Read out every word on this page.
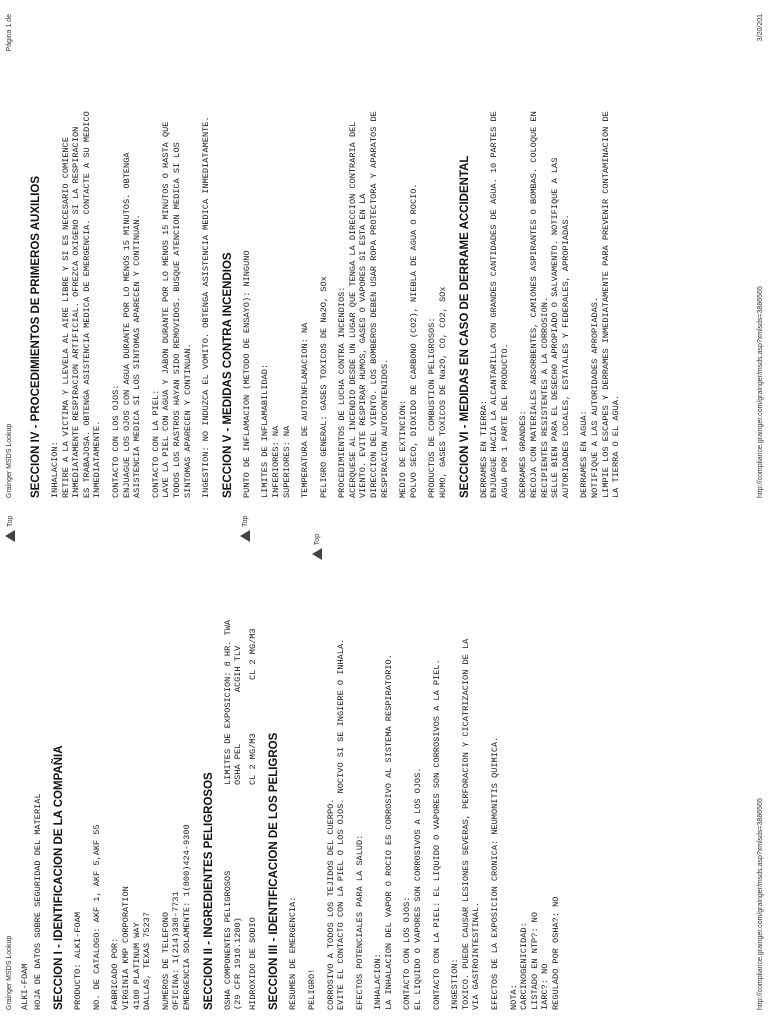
Grainger MSDS Lookup ALKI-FOAM HOJA DE DATOS SOBRE SEGURIDAD DEL MATERIAL SECCION I - IDENTIFICACION DE LA COMPAÑIA PRODUCTO: ALKI-FOAM NO. DE CATALOGO: AKF 1, AKF 5,AKF 55 FABRICADO POR: VIRGINIA KMP CORPORATION 4100 PLATINUM WAY DALLAS, TEXAS 75237 NUMEROS DE TELEFONO OFICINA: 1(214)330-7731 EMERGENCIA SOLAMENTE: 1(800)424-9300 SECCION II - INGREDIENTES PELIGROSOS OSHA COMPONENTES PELIGROSOS (29 CFR 1910.1200)
LIMITES DE EXPOSICION: 8 HR. TWA OSHA PEL          ACGIH TLV
HIDROXIDO DE SODIO
CL 2 MG/M3
CL 2 MG/M3
SECCION III - IDENTIFICACION DE LOS PELIGROS RESUMEN DE EMERGENCIA: PELIGRO! CORROSIVO A TODOS LOS TEJIDOS DEL CUERPO. EVITE EL CONTACTO CON LA PIEL O LOS OJOS. NOCIVO SI SE INGIERE O INHALA. EFECTOS POTENCIALES PARA LA SALUD: INHALACION: LA INHALACION DEL VAPOR O ROCIO ES CORROSIVO AL SISTEMA RESPIRATORIO. CONTACTO CON LOS OJOS: EL LIQUIDO O VAPORES SON CORROSIVOS A LOS OJOS. CONTACTO CON LA PIEL: EL LIQUIDO O VAPORES SON CORROSIVOS A LA PIEL. INGESTION: TOXICO. PUEDE CAUSAR LESIONES SEVERAS, PERFORACION Y CICATRIZACION DE LA VIA GASTROINTESTINAL. EFECTOS DE LA EXPOSICION CRONICA: NEUMONITIS QUIMICA. NOTA: CARCINOGENICIDAD: LISTADO EN NTP?: NO IARC?: NO REGULADO POR OSHA?: NO
Top
http://compliance.grainger.com/grainger/msds.asp?xmlsds=3886565
Grainger MSDS Lookup
Página 1 de
SECCION IV - PROCEDIMIENTOS DE PRIMEROS AUXILIOS INHALACION: RETIRE A LA VICTIMA Y LLEVELA AL AIRE LIBRE Y SI ES NECESARIO COMIENCE INMEDIATAMENTE RESPIRACION ARTIFICIAL. OFREZCA OXIGENO SI LA RESPIRACION ES TRABAJOSA. OBTENGA ASISTENCIA MEDICA DE EMERGENCIA. CONTACTE A SU MEDICO INMEDIATAMENTE. CONTACTO CON LOS OJOS: ENJUAGUE LOS OJOS CON AGUA DURANTE POR LO MENOS 15 MINUTOS. OBTENGA ASISTENCIA MEDICA SI LOS SINTOMAS APARECEN Y CONTINUAN. CONTACTO CON LA PIEL: LAVE LA PIEL CON AGUA Y JABON DURANTE POR LO MENOS 15 MINUTOS O HASTA QUE TODOS LOS RASTROS HAYAN SIDO REMOVIDOS. BUSQUE ATENCION MEDICA SI LOS SINTOMAS APARECEN Y CONTINUAN. INGESTION: NO INDUZCA EL VOMITO. OBTENGA ASISTENCIA MEDICA INMEDIATAMENTE. SECCION V - MEDIDAS CONTRA INCENDIOS PUNTO DE INFLAMACION (METODO DE ENSAYO): NINGUNO LIMITES DE INFLAMABILIDAD: INFERIORES: NA SUPERIORES: NA TEMPERATURA DE AUTOINFLAMACION: NA PELIGRO GENERAL: GASES TOXICOS DE Na2O, SOx PROCEDIMIENTOS DE LUCHA CONTRA INCENDIOS: ACERQUESE AL INCENDIO DESDE UN LUGAR QUE TENGA LA DIRECCION CONTRARIA DEL VIENTO. EVITE RESPIRAR HUMOS, GASES O VAPORES SI ESTA EN LA DIRECCION DEL VIENTO. LOS BOMBEROS DEBEN USAR ROPA PROTECTORA Y APARATOS DE RESPIRACION AUTOCONTENIDOS. MEDIO DE EXTINCION: POLVO SECO, DIOXIDO DE CARBONO (CO2), NIEBLA DE AGUA O ROCIO. PRODUCTOS DE COMBUSTION PELIGROSOS: HUMO, GASES TOXICOS DE Na2O, CO, CO2, SOx SECCION VI - MEDIDAS EN CASO DE DERRAME ACCIDENTAL DERRAMES EN TIERRA: ENJUAGUE HACIA LA ALCANTARILLA CON GRANDES CANTIDADES DE AGUA. 10 PARTES DE AGUA POR 1 PARTE DEL PRODUCTO. DERRAMES GRANDES: RECOJA CON MATERIALES ABSORBENTES, CAMIONES ASPIRANTES O BOMBAS. COLOQUE EN RECIPIENTES RESISTENTES A LA CORROSION. SELLE BIEN PARA EL DESECHO APROPIADO O SALVAMENTO. NOTIFIQUE A LAS AUTORIDADES LOCALES, ESTATALES Y FEDERALES, APROPIADAS. DERRAMES EN AGUA: NOTIFIQUE A LAS AUTORIDADES APROPIADAS. LIMPIE LOS ESCAPES Y DERRAMES INMEDIATAMENTE PARA PREVENIR CONTAMINACION DE LA TIERRA O EL AGUA.
Top	Top
http://compliance.grainger.com/grainger/msds.asp?xmlsds=3886565
3/20/201
